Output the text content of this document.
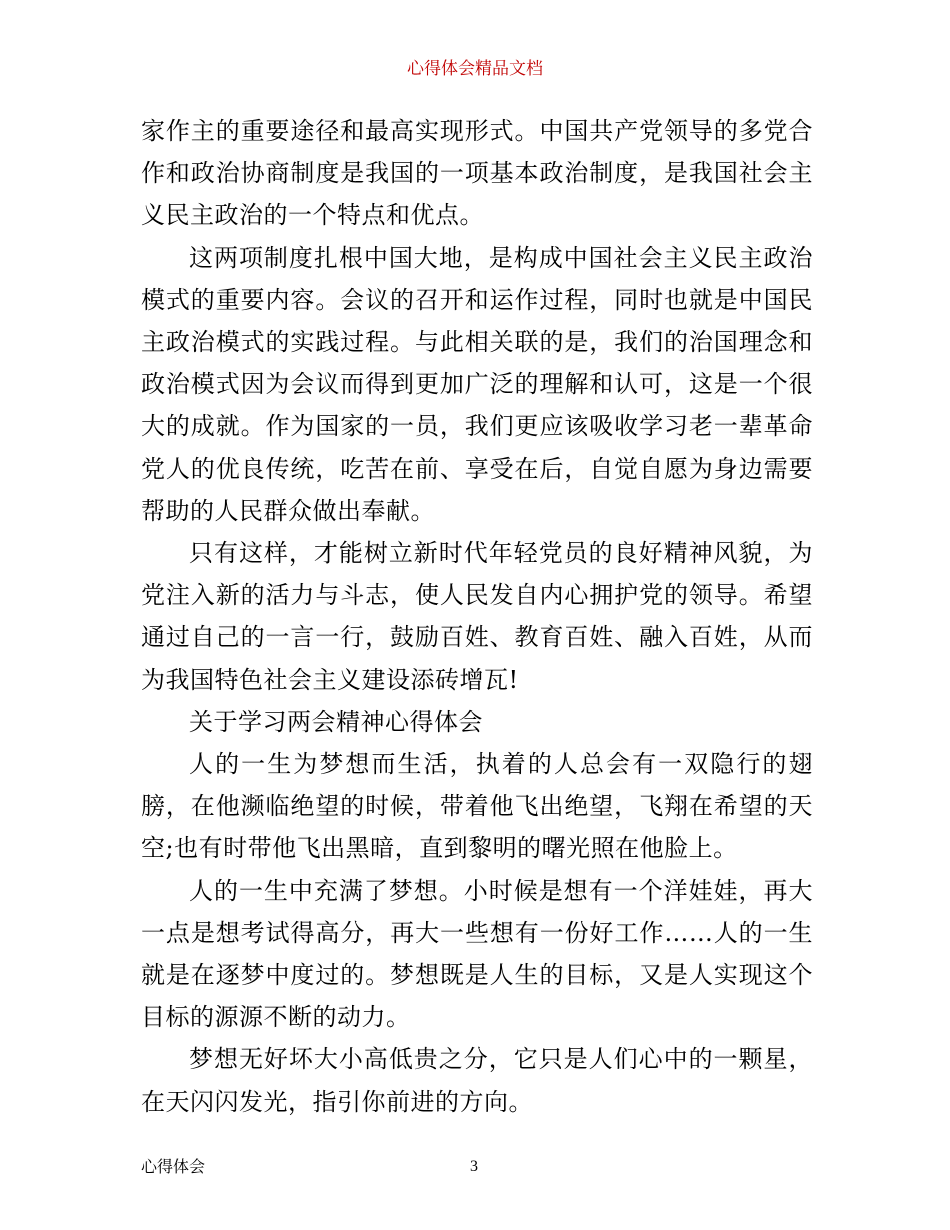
心得体会精品文档

家作主的重要途径和最高实现形式。中国共产党领导的多党合作和政治协商制度是我国的一项基本政治制度，是我国社会主义民主政治的一个特点和优点。

这两项制度扎根中国大地，是构成中国社会主义民主政治模式的重要内容。会议的召开和运作过程，同时也就是中国民主政治模式的实践过程。与此相关联的是，我们的治国理念和政治模式因为会议而得到更加广泛的理解和认可，这是一个很大的成就。作为国家的一员，我们更应该吸收学习老一辈革命党人的优良传统，吃苦在前、享受在后，自觉自愿为身边需要帮助的人民群众做出奉献。

只有这样，才能树立新时代年轻党员的良好精神风貌，为党注入新的活力与斗志，使人民发自内心拥护党的领导。希望通过自己的一言一行，鼓励百姓、教育百姓、融入百姓，从而为我国特色社会主义建设添砖增瓦!

关于学习两会精神心得体会

人的一生为梦想而生活，执着的人总会有一双隐行的翅膀，在他濒临绝望的时候，带着他飞出绝望，飞翔在希望的天空;也有时带他飞出黑暗，直到黎明的曙光照在他脸上。

人的一生中充满了梦想。小时候是想有一个洋娃娃，再大一点是想考试得高分，再大一些想有一份好工作……人的一生就是在逐梦中度过的。梦想既是人生的目标，又是人实现这个目标的源源不断的动力。

梦想无好坏大小高低贵之分，它只是人们心中的一颗星，在天闪闪发光，指引你前进的方向。

心得体会	3
